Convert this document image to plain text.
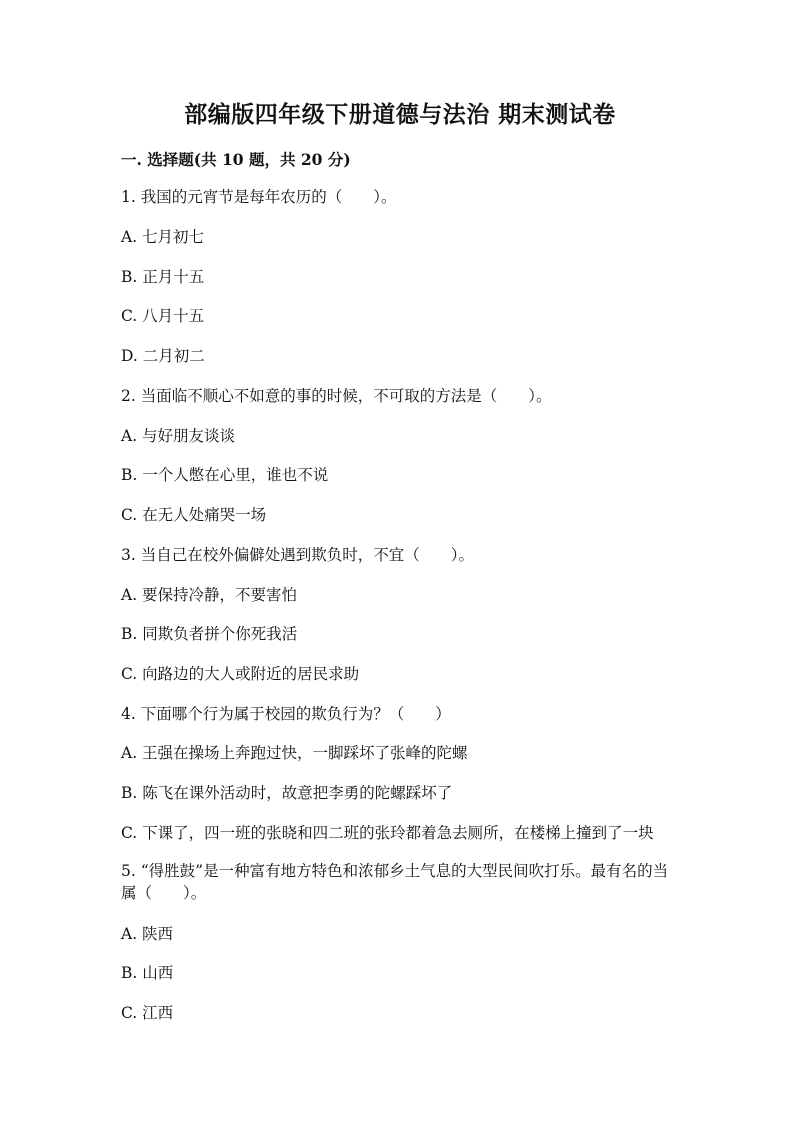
部编版四年级下册道德与法治 期末测试卷
一. 选择题(共 10 题，共 20 分)
1. 我国的元宵节是每年农历的（　　）。
A. 七月初七
B. 正月十五
C. 八月十五
D. 二月初二
2. 当面临不顺心不如意的事的时候，不可取的方法是（　　）。
A. 与好朋友谈谈
B. 一个人憋在心里，谁也不说
C. 在无人处痛哭一场
3. 当自己在校外偏僻处遇到欺负时，不宜（　　）。
A. 要保持冷静，不要害怕
B. 同欺负者拼个你死我活
C. 向路边的大人或附近的居民求助
4. 下面哪个行为属于校园的欺负行为？（　　）
A. 王强在操场上奔跑过快，一脚踩坏了张峰的陀螺
B. 陈飞在课外活动时，故意把李勇的陀螺踩坏了
C. 下课了，四一班的张晓和四二班的张玲都着急去厕所，在楼梯上撞到了一块
5. “得胜鼓”是一种富有地方特色和浓郁乡土气息的大型民间吹打乐。最有名的当属（　　）。
A. 陕西
B. 山西
C. 江西
